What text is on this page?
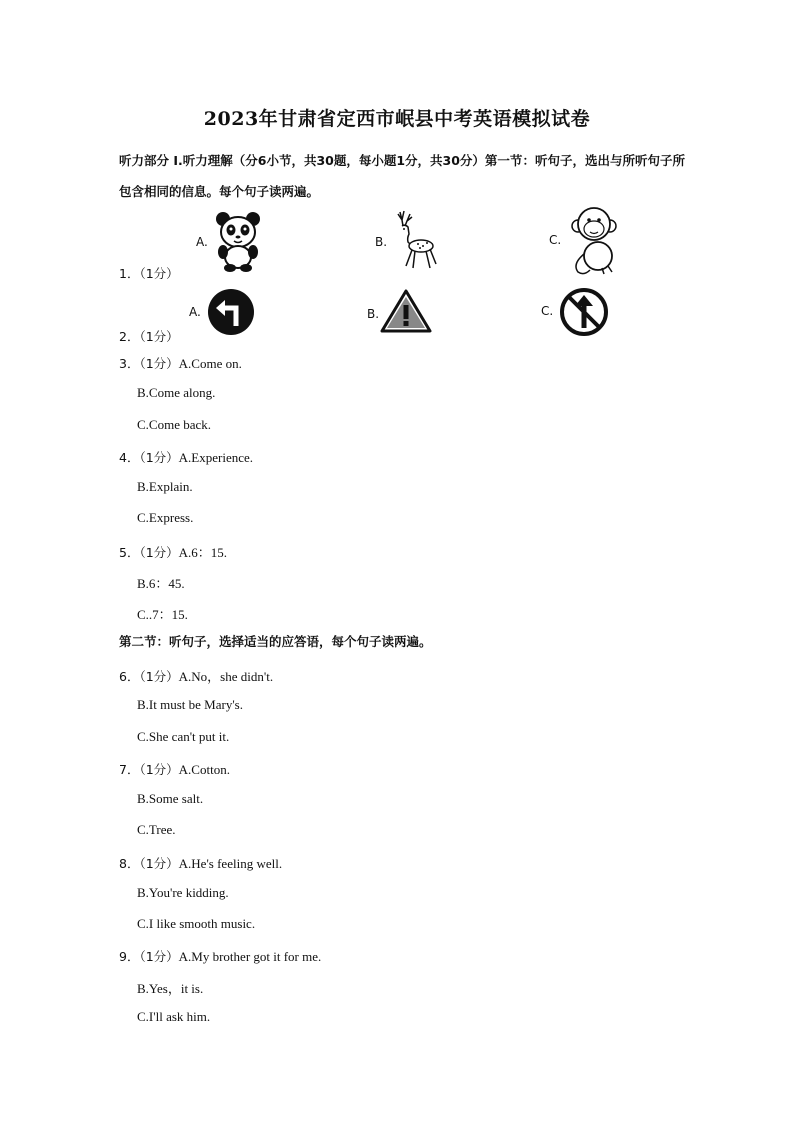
2023年甘肃省定西市岷县中考英语模拟试卷
听力部分 Ⅰ.听力理解（分6小节，共30题，每小题1分，共30分）第一节：听句子，选出与所听句子所包含相同的信息。每个句子读两遍。
1．（1分）
A.	B.	C.
2．（1分）
A.	B.	C.
3．（1分）A.Come on.
B.Come along.
C.Come back.
4．（1分）A.Experience.
B.Explain.
C.Express.
5．（1分）A.6：15.
B.6：45.
C..7：15.
第二节：听句子，选择适当的应答语，每个句子读两遍。
6．（1分）A.No，she didn't.
B.It must be Mary's.
C.She can't put it.
7．（1分）A.Cotton.
B.Some salt.
C.Tree.
8．（1分）A.He's feeling well.
B.You're kidding.
C.I like smooth music.
9．（1分）A.My brother got it for me.
B.Yes，it is.
C.I'll ask him.
